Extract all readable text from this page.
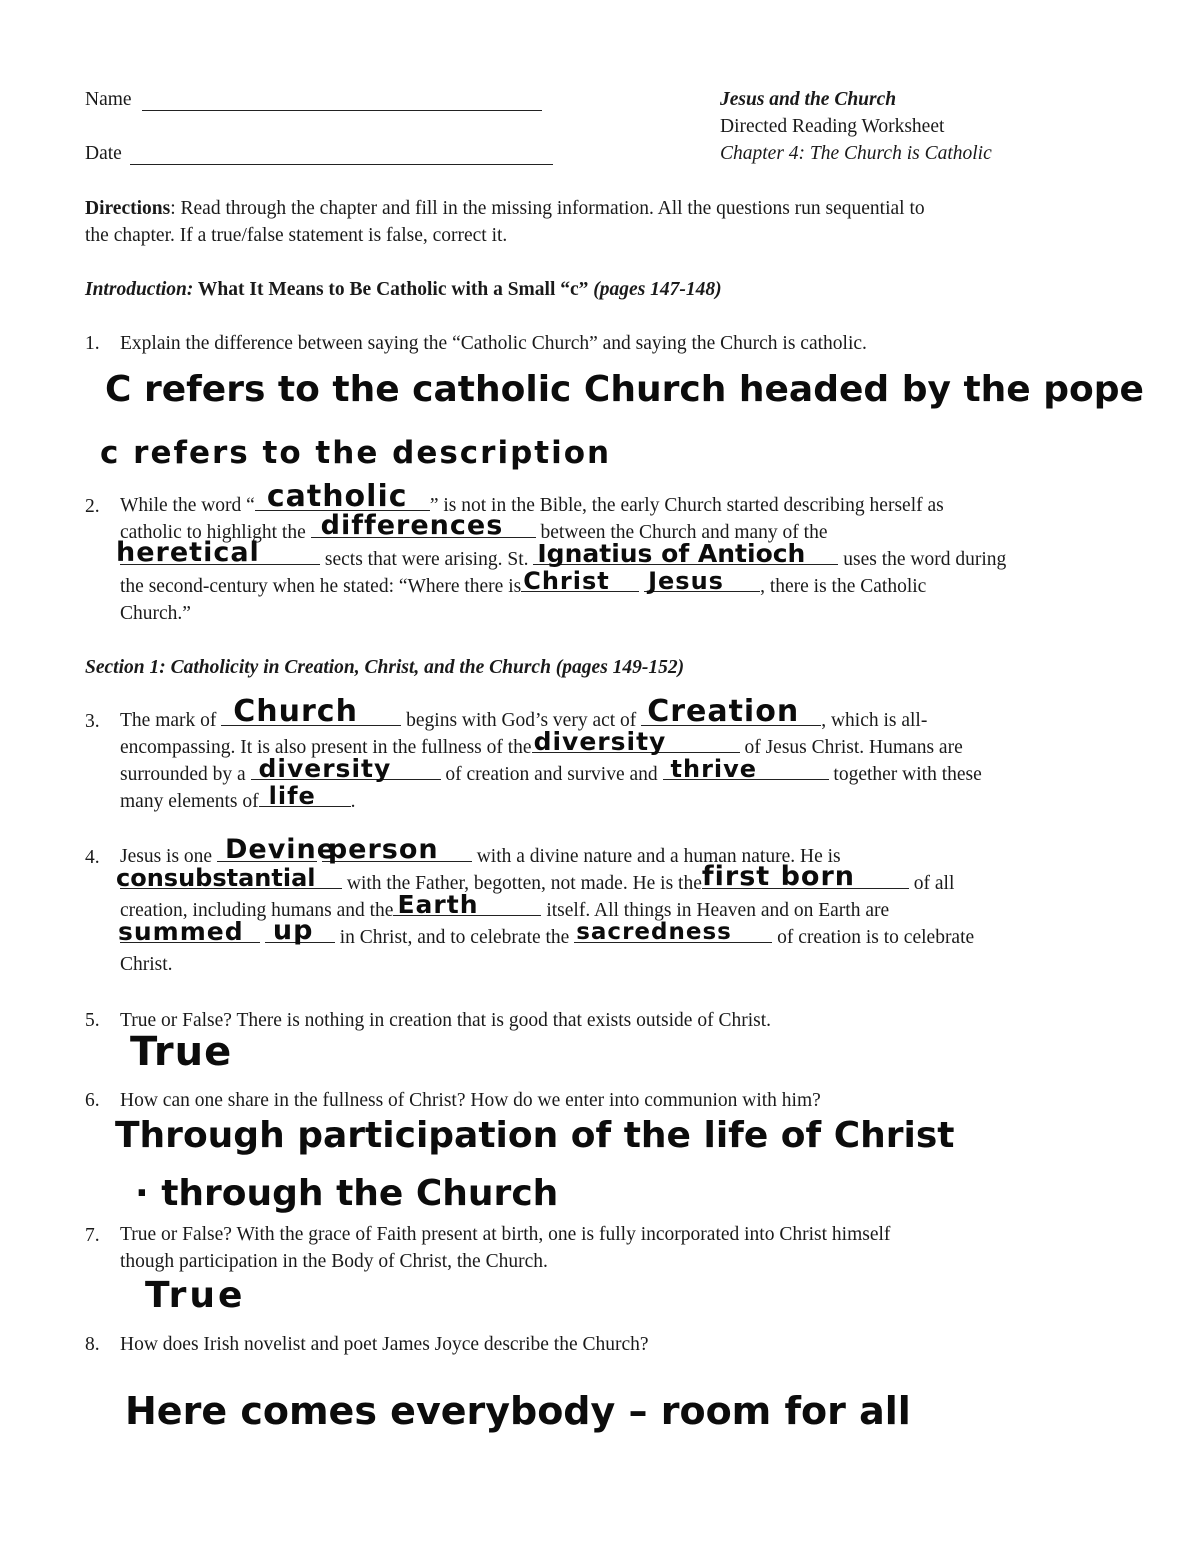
Name
Date
Jesus and the Church
Directed Reading Worksheet
Chapter 4: The Church is Catholic
Directions: Read through the chapter and fill in the missing information. All the questions run sequential to
the chapter. If a true/false statement is false, correct it.
Introduction: What It Means to Be Catholic with a Small “c” (pages 147-148)
1. Explain the difference between saying the “Catholic Church” and saying the Church is catholic.
C refers to the catholic Church headed by the pope
c refers to the description
2. While the word “ catholic ” is not in the Bible, the early Church started describing herself as
catholic to highlight the differences between the Church and many of the

heretical	sects that were arising. St. Ignatius of Antioch uses the word during
the second-century when he stated: “Where there is Christ
Jesus , there is the Catholic
Church.”
Section 1: Catholicity in Creation, Christ, and the Church (pages 149-152)
3. The mark of Church begins with God’s very act of Creation , which is all-
encompassing. It is also present in the fullness of the diversity	of Jesus Christ. Humans are
surrounded by a diversity	of creation and survive and thrive	together with these
many elements of life .
4. Jesus is one Devine

person with a divine nature and a human nature. He is

consubstantial with the Father, begotten, not made. He is the first born	of all
creation, including humans and the Earth	itself. All things in Heaven and on Earth are

summed
up in Christ, and to celebrate the sacredness of creation is to celebrate
Christ.
5. True or False? There is nothing in creation that is good that exists outside of Christ.
True
6. How can one share in the fullness of Christ? How do we enter into communion with him?
Through participation of the life of Christ
· through the Church
7. True or False? With the grace of Faith present at birth, one is fully incorporated into Christ himself
though participation in the Body of Christ, the Church.
True
8. How does Irish novelist and poet James Joyce describe the Church?
Here comes everybody – room for all
